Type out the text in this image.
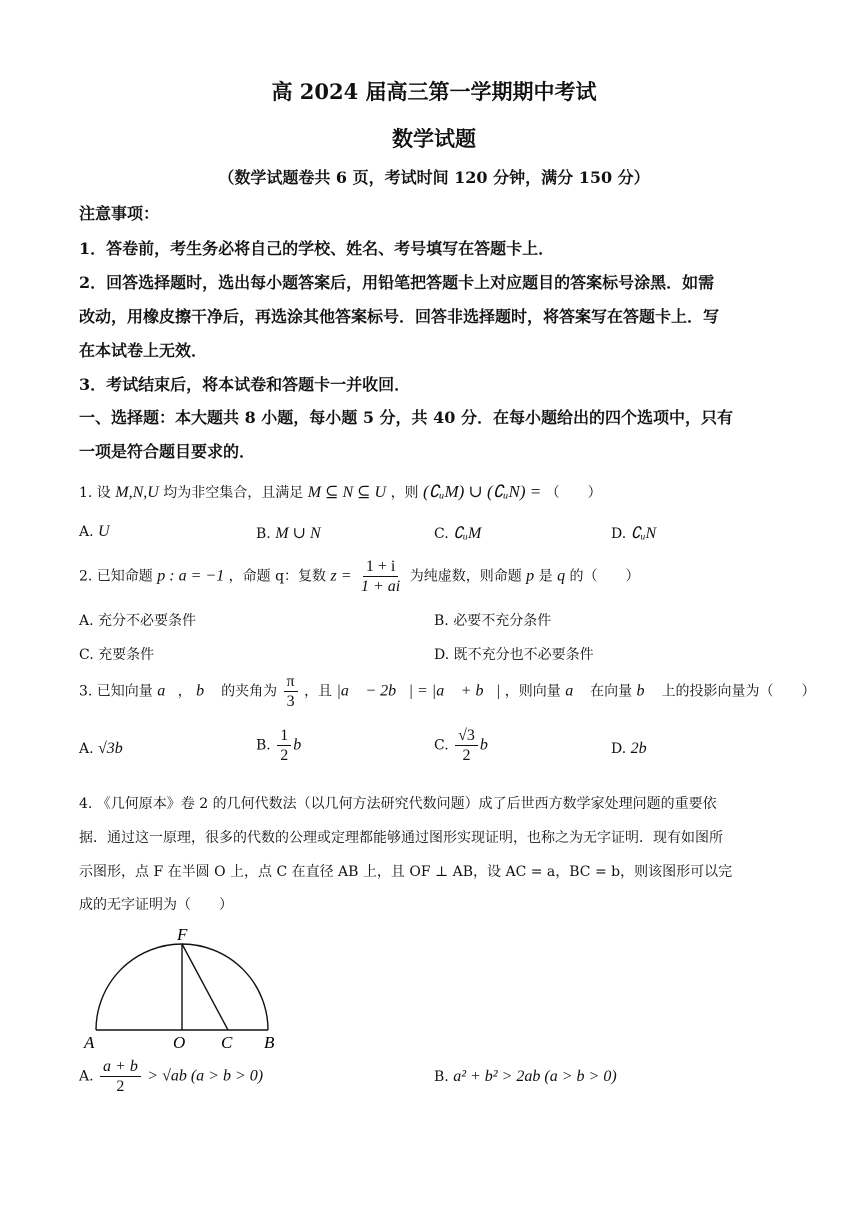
高 2024 届高三第一学期期中考试
数学试题
（数学试题卷共 6 页，考试时间 120 分钟，满分 150 分）
注意事项：
1．答卷前，考生务必将自己的学校、姓名、考号填写在答题卡上．
2．回答选择题时，选出每小题答案后，用铅笔把答题卡上对应题目的答案标号涂黑．如需
改动，用橡皮擦干净后，再选涂其他答案标号．回答非选择题时，将答案写在答题卡上．写
在本试卷上无效．
3．考试结束后，将本试卷和答题卡一并收回．
一、选择题：本大题共 8 小题，每小题 5 分，共 40 分．在每小题给出的四个选项中，只有
一项是符合题目要求的．
1. 设 M,N,U 均为非空集合，且满足 M ⊆ N ⊆ U ，则 (∁ᵤM) ∪ (∁ᵤN) = （　　）
A. U	B. M ∪ N	C. ∁ᵤM	D. ∁ᵤN
2. 已知命题 p : a = −1 ，命题 q：复数 $z = \frac{1 + i}{1 + ai}$ 为纯虚数，则命题 p 是 q 的（　　）
A. 充分不必要条件	B. 必要不充分条件
C. 充要条件	D. 既不充分也不必要条件
3. 已知向量 a⃗， b⃗ 的夹角为 $\frac{\pi}{3}$ ，且 |a⃗ − 2b⃗| = |a⃗ + b⃗| ，则向量 a⃗ 在向量 b⃗ 上的投影向量为（　　）
A. √3b⃗	B. $\frac{1}{2}$ b⃗	C. $\frac{√3}{2}$ b⃗	D. 2b⃗
4. 《几何原本》卷 2 的几何代数法（以几何方法研究代数问题）成了后世西方数学家处理问题的重要依
据．通过这一原理，很多的代数的公理或定理都能够通过图形实现证明，也称之为无字证明．现有如图所
示图形，点 F 在半圆 O 上，点 C 在直径 AB 上，且 OF ⊥ AB，设 AC = a，BC = b，则该图形可以完
成的无字证明为（　　）
F
A	O C B
A. $\frac{a + b}{2} > √ab$ (a > b > 0)	B. a² + b² > 2ab (a > b > 0)
